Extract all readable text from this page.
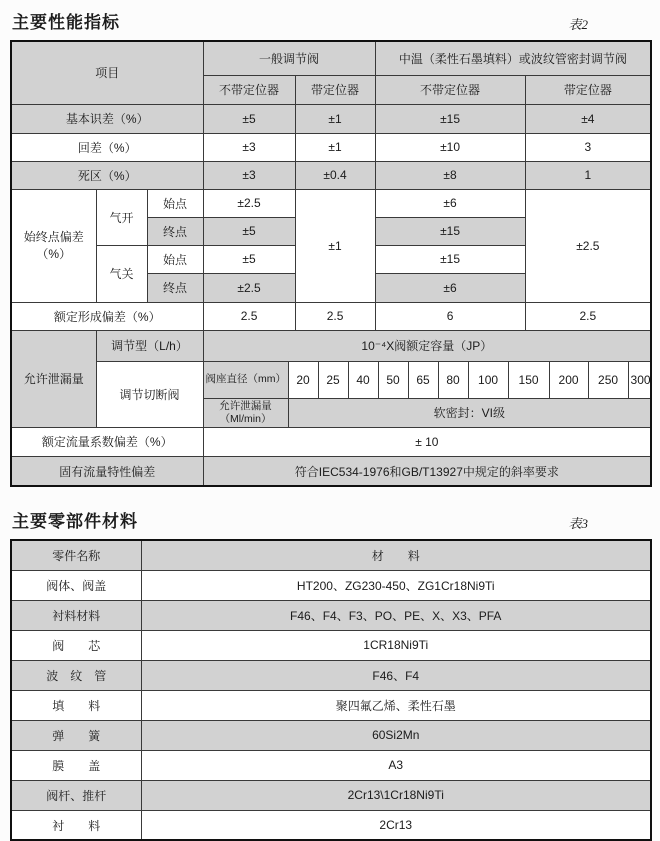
主要性能指标	表2
项目			一般调节阀					中温（柔性石墨填料）或波纹管密封调节阀									
			不带定位器		带定位器			不带定位器						带定位器			
基本识差（%）			±5		±1			±15						±4			
回差（%）			±3		±1			±10						3			
死区（%）			±3		±0.4			±8						1			
始终点偏差（%）	气开	始点	±2.5		±1			±6						±2.5			
		终点	±5					±15									
	气关	始点	±5					±15									
		终点	±2.5					±6									
额定形成偏差（%）			2.5		2.5			6						2.5			
允许泄漏量	调节型（L/h）		10⁻⁴X阀额定容量（JP）														
	调节切断阀		阀座直径（mm）	20		25	40		50	65	80	100	150		200	250	300
			允许泄漏量（Ml/min）	软密封：VI级													
额定流量系数偏差（%）			± 10														
固有流量特性偏差			符合IEC534-1976和GB/T13927中规定的斜率要求														
主要零部件材料	表3
零件名称	材　　料
阀体、阀盖	HT200、ZG230-450、ZG1Cr18Ni9Ti
衬料材料	F46、F4、F3、PO、PE、X、X3、PFA
阀　　芯	1CR18Ni9Ti
波　纹　管	F46、F4
填　　料	聚四氟乙烯、柔性石墨
弹　　簧	60Si2Mn
膜　　盖	A3
阀杆、推杆	2Cr13\1Cr18Ni9Ti
衬　　料	2Cr13
